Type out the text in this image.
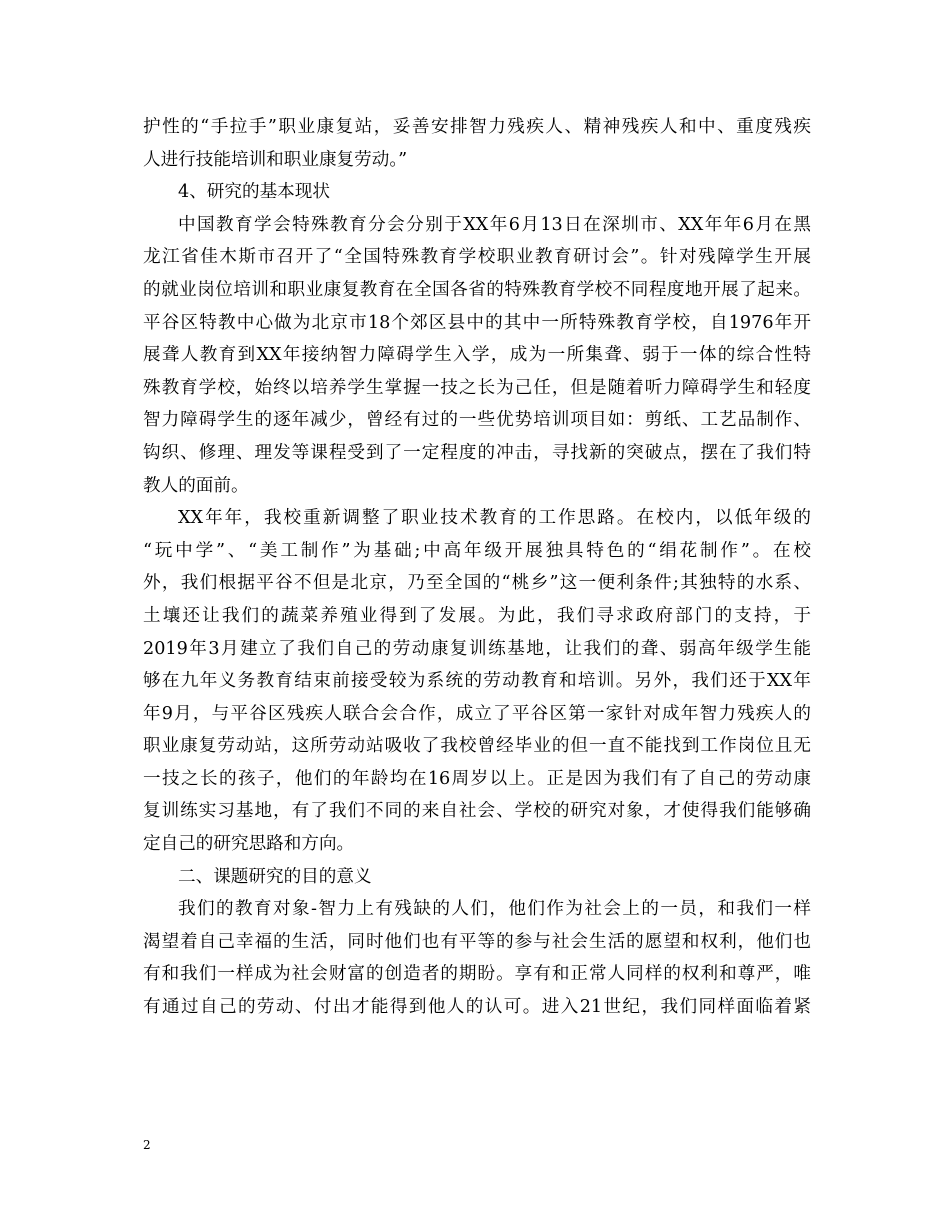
护性的“手拉手”职业康复站，妥善安排智力残疾人、精神残疾人和中、重度残疾
人进行技能培训和职业康复劳动。”
4、研究的基本现状
中国教育学会特殊教育分会分别于XX年6月13日在深圳市、XX年年6月在黑
龙江省佳木斯市召开了“全国特殊教育学校职业教育研讨会”。针对残障学生开展
的就业岗位培训和职业康复教育在全国各省的特殊教育学校不同程度地开展了起来。
平谷区特教中心做为北京市18个郊区县中的其中一所特殊教育学校，自1976年开
展聋人教育到XX年接纳智力障碍学生入学，成为一所集聋、弱于一体的综合性特
殊教育学校，始终以培养学生掌握一技之长为己任，但是随着听力障碍学生和轻度
智力障碍学生的逐年减少，曾经有过的一些优势培训项目如：剪纸、工艺品制作、
钩织、修理、理发等课程受到了一定程度的冲击，寻找新的突破点，摆在了我们特
教人的面前。
XX年年，我校重新调整了职业技术教育的工作思路。在校内，以低年级的
“玩中学”、“美工制作”为基础;中高年级开展独具特色的“绢花制作”。在校
外，我们根据平谷不但是北京，乃至全国的“桃乡”这一便利条件;其独特的水系、
土壤还让我们的蔬菜养殖业得到了发展。为此，我们寻求政府部门的支持，于
2019年3月建立了我们自己的劳动康复训练基地，让我们的聋、弱高年级学生能
够在九年义务教育结束前接受较为系统的劳动教育和培训。另外，我们还于XX年
年9月，与平谷区残疾人联合会合作，成立了平谷区第一家针对成年智力残疾人的
职业康复劳动站，这所劳动站吸收了我校曾经毕业的但一直不能找到工作岗位且无
一技之长的孩子，他们的年龄均在16周岁以上。正是因为我们有了自己的劳动康
复训练实习基地，有了我们不同的来自社会、学校的研究对象，才使得我们能够确
定自己的研究思路和方向。
二、课题研究的目的意义
我们的教育对象-智力上有残缺的人们，他们作为社会上的一员，和我们一样
渴望着自己幸福的生活，同时他们也有平等的参与社会生活的愿望和权利，他们也
有和我们一样成为社会财富的创造者的期盼。享有和正常人同样的权利和尊严，唯
有通过自己的劳动、付出才能得到他人的认可。进入21世纪，我们同样面临着紧
2
